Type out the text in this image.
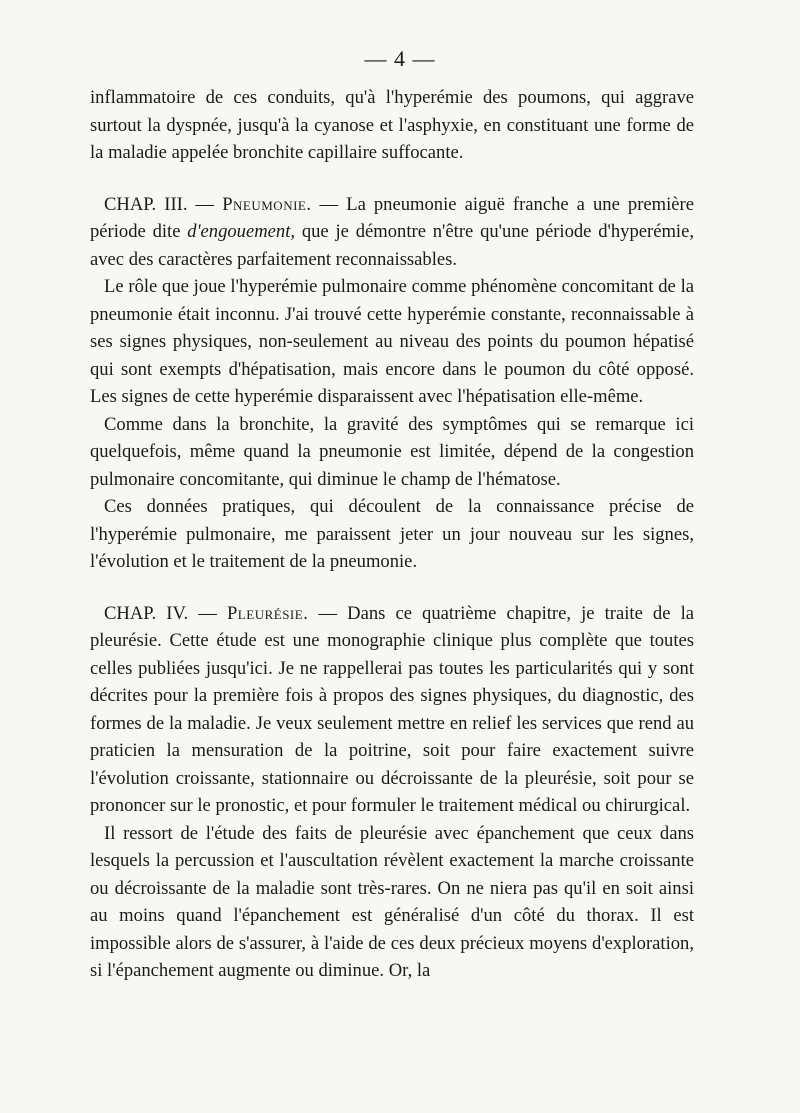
— 4 —

inflammatoire de ces conduits, qu'à l'hyperémie des poumons, qui aggrave surtout la dyspnée, jusqu'à la cyanose et l'asphyxie, en constituant une forme de la maladie appelée bronchite capillaire suffocante.

CHAP. III. — Pneumonie. — La pneumonie aiguë franche a une première période dite d'engouement, que je démontre n'être qu'une période d'hyperémie, avec des caractères parfaitement reconnaissables.

Le rôle que joue l'hyperémie pulmonaire comme phénomène concomitant de la pneumonie était inconnu. J'ai trouvé cette hyperémie constante, reconnaissable à ses signes physiques, non-seulement au niveau des points du poumon hépatisé qui sont exempts d'hépatisation, mais encore dans le poumon du côté opposé. Les signes de cette hyperémie disparaissent avec l'hépatisation elle-même.

Comme dans la bronchite, la gravité des symptômes qui se remarque ici quelquefois, même quand la pneumonie est limitée, dépend de la congestion pulmonaire concomitante, qui diminue le champ de l'hématose.

Ces données pratiques, qui découlent de la connaissance précise de l'hyperémie pulmonaire, me paraissent jeter un jour nouveau sur les signes, l'évolution et le traitement de la pneumonie.

CHAP. IV. — Pleurésie. — Dans ce quatrième chapitre, je traite de la pleurésie. Cette étude est une monographie clinique plus complète que toutes celles publiées jusqu'ici. Je ne rappellerai pas toutes les particularités qui y sont décrites pour la première fois à propos des signes physiques, du diagnostic, des formes de la maladie. Je veux seulement mettre en relief les services que rend au praticien la mensuration de la poitrine, soit pour faire exactement suivre l'évolution croissante, stationnaire ou décroissante de la pleurésie, soit pour se prononcer sur le pronostic, et pour formuler le traitement médical ou chirurgical.

Il ressort de l'étude des faits de pleurésie avec épanchement que ceux dans lesquels la percussion et l'auscultation révèlent exactement la marche croissante ou décroissante de la maladie sont très-rares. On ne niera pas qu'il en soit ainsi au moins quand l'épanchement est généralisé d'un côté du thorax. Il est impossible alors de s'assurer, à l'aide de ces deux précieux moyens d'exploration, si l'épanchement augmente ou diminue. Or, la
